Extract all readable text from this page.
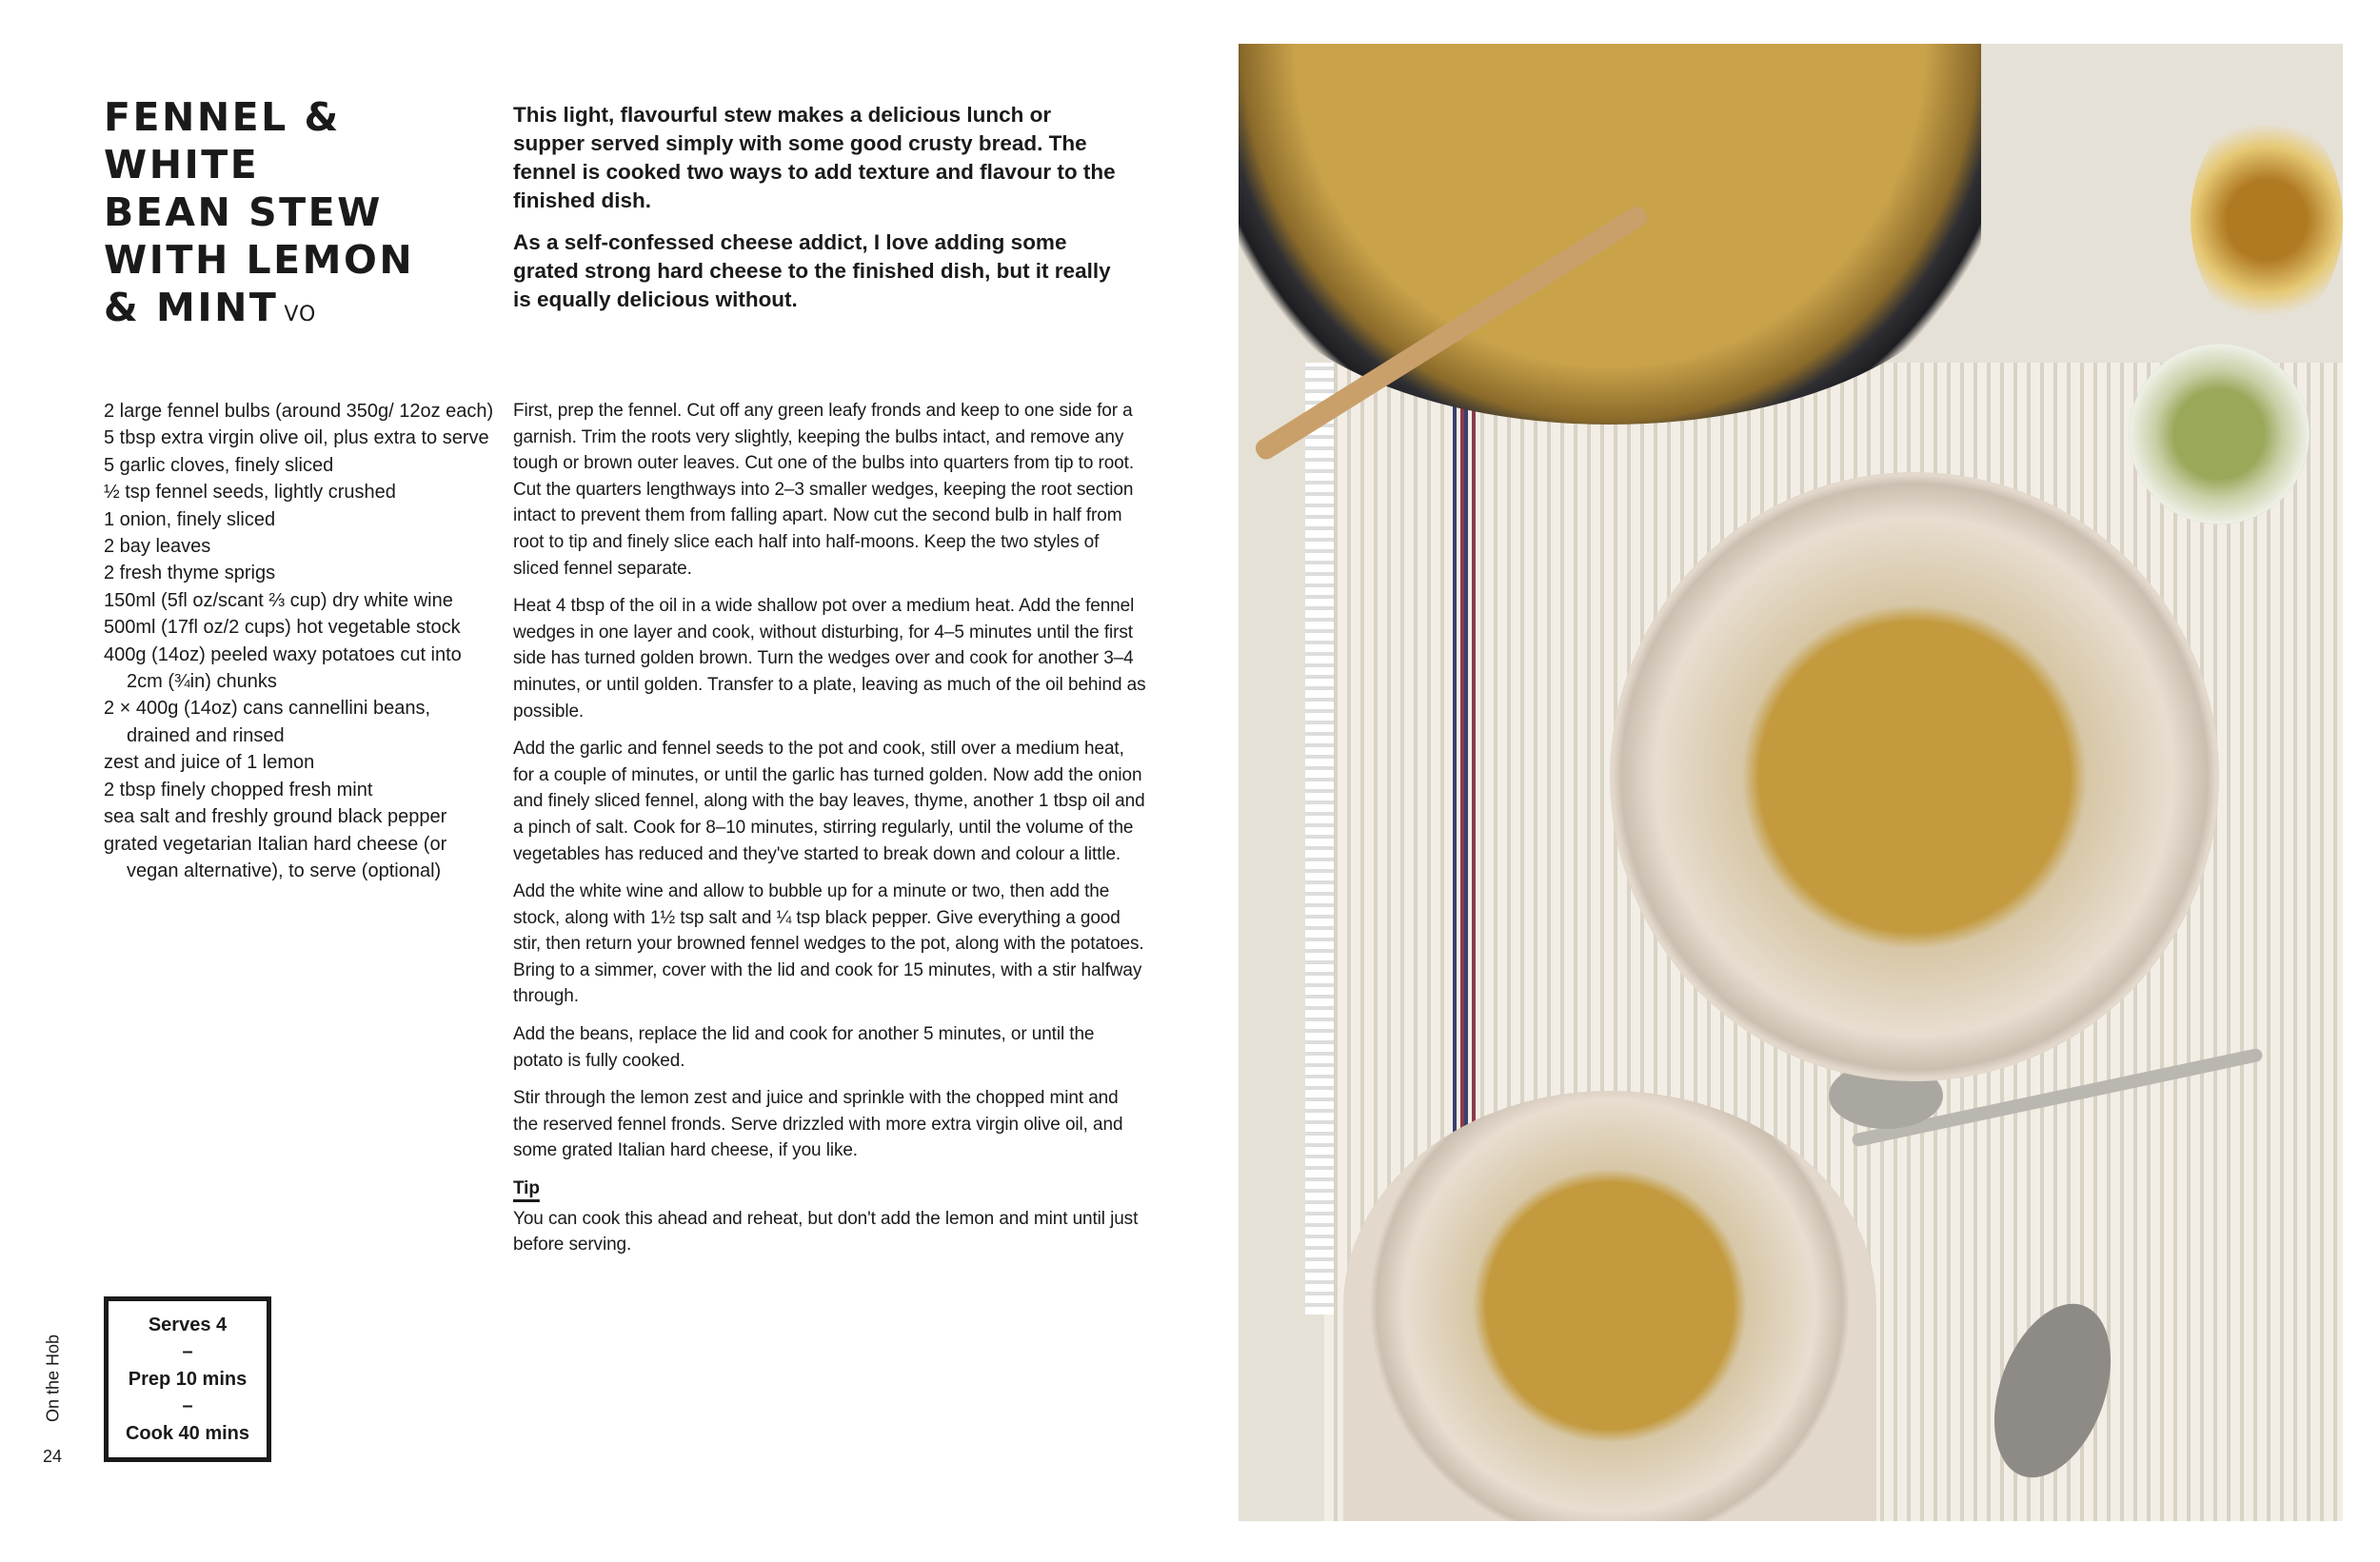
FENNEL & WHITE
BEAN STEW
WITH LEMON
& MINT VO

This light, flavourful stew makes a delicious lunch or supper served simply with some good crusty bread. The fennel is cooked two ways to add texture and flavour to the finished dish.

As a self-confessed cheese addict, I love adding some grated strong hard cheese to the finished dish, but it really is equally delicious without.

2 large fennel bulbs (around 350g/ 12oz each)
5 tbsp extra virgin olive oil, plus extra to serve
5 garlic cloves, finely sliced
½ tsp fennel seeds, lightly crushed
1 onion, finely sliced
2 bay leaves
2 fresh thyme sprigs
150ml (5fl oz/scant ⅔ cup) dry white wine
500ml (17fl oz/2 cups) hot vegetable stock
400g (14oz) peeled waxy potatoes cut into 2cm (¾in) chunks
2 × 400g (14oz) cans cannellini beans, drained and rinsed
zest and juice of 1 lemon
2 tbsp finely chopped fresh mint
sea salt and freshly ground black pepper
grated vegetarian Italian hard cheese (or vegan alternative), to serve (optional)

First, prep the fennel. Cut off any green leafy fronds and keep to one side for a garnish. Trim the roots very slightly, keeping the bulbs intact, and remove any tough or brown outer leaves. Cut one of the bulbs into quarters from tip to root. Cut the quarters lengthways into 2–3 smaller wedges, keeping the root section intact to prevent them from falling apart. Now cut the second bulb in half from root to tip and finely slice each half into half-moons. Keep the two styles of sliced fennel separate.

Heat 4 tbsp of the oil in a wide shallow pot over a medium heat. Add the fennel wedges in one layer and cook, without disturbing, for 4–5 minutes until the first side has turned golden brown. Turn the wedges over and cook for another 3–4 minutes, or until golden. Transfer to a plate, leaving as much of the oil behind as possible.

Add the garlic and fennel seeds to the pot and cook, still over a medium heat, for a couple of minutes, or until the garlic has turned golden. Now add the onion and finely sliced fennel, along with the bay leaves, thyme, another 1 tbsp oil and a pinch of salt. Cook for 8–10 minutes, stirring regularly, until the volume of the vegetables has reduced and they've started to break down and colour a little.

Add the white wine and allow to bubble up for a minute or two, then add the stock, along with 1½ tsp salt and ¼ tsp black pepper. Give everything a good stir, then return your browned fennel wedges to the pot, along with the potatoes. Bring to a simmer, cover with the lid and cook for 15 minutes, with a stir halfway through.

Add the beans, replace the lid and cook for another 5 minutes, or until the potato is fully cooked.

Stir through the lemon zest and juice and sprinkle with the chopped mint and the reserved fennel fronds. Serve drizzled with more extra virgin olive oil, and some grated Italian hard cheese, if you like.

Tip

You can cook this ahead and reheat, but don't add the lemon and mint until just before serving.

Serves 4
–
Prep 10 mins
–
Cook 40 mins
On the Hob
24
